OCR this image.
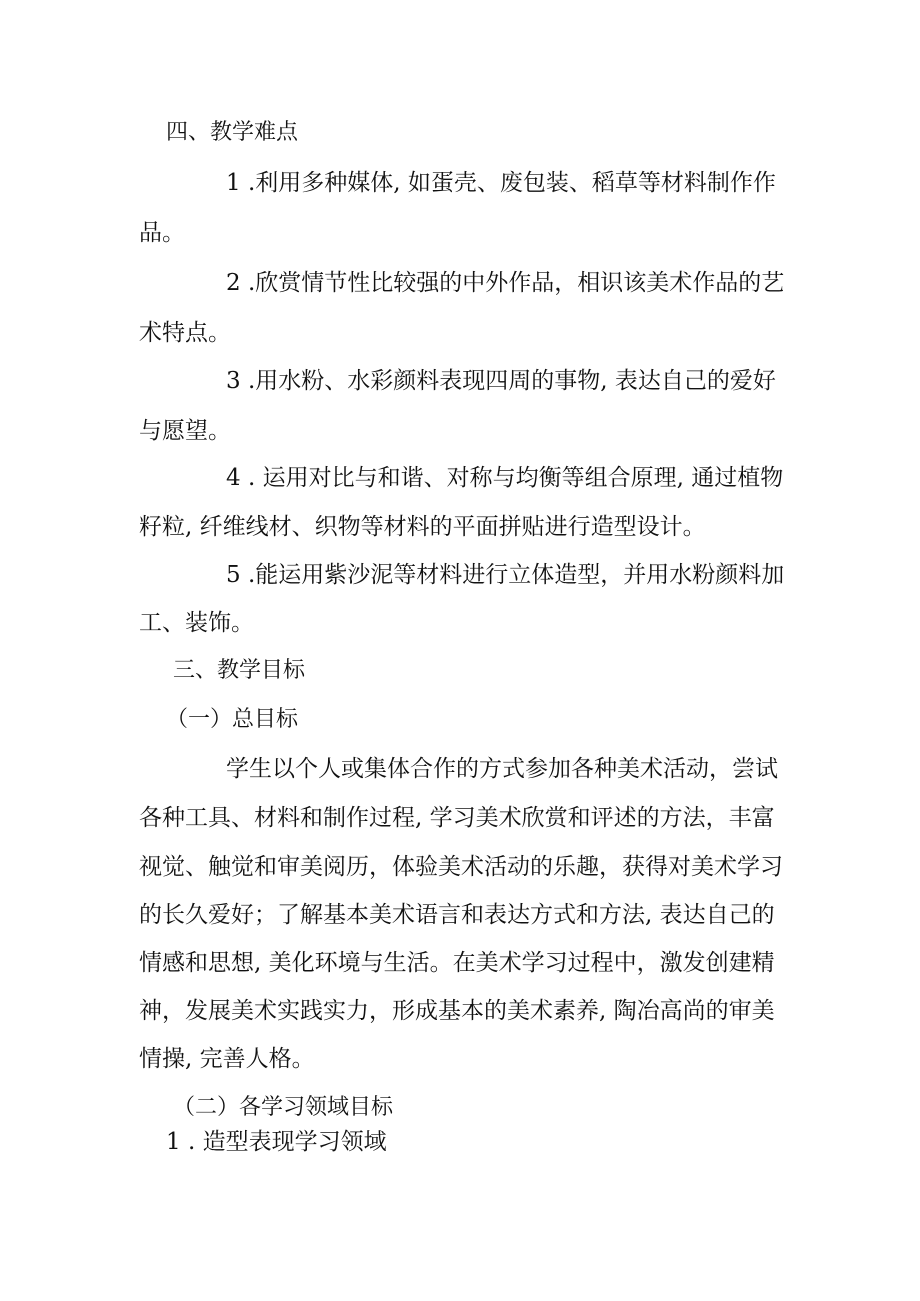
四、教学难点
1 .利用多种媒体, 如蛋壳、废包装、稻草等材料制作作
品。
2 .欣赏情节性比较强的中外作品，相识该美术作品的艺
术特点。
3 .用水粉、水彩颜料表现四周的事物, 表达自己的爱好
与愿望。
4 . 运用对比与和谐、对称与均衡等组合原理, 通过植物
籽粒, 纤维线材、织物等材料的平面拼贴进行造型设计。
5 .能运用紫沙泥等材料进行立体造型，并用水粉颜料加
工、装饰。
三、教学目标
（一）总目标
学生以个人或集体合作的方式参加各种美术活动，尝试
各种工具、材料和制作过程, 学习美术欣赏和评述的方法，丰富
视觉、触觉和审美阅历，体验美术活动的乐趣，获得对美术学习
的长久爱好；了解基本美术语言和表达方式和方法, 表达自己的
情感和思想, 美化环境与生活。在美术学习过程中，激发创建精
神，发展美术实践实力，形成基本的美术素养, 陶冶高尚的审美
情操, 完善人格。
（二）各学习领域目标
1 . 造型表现学习领域
